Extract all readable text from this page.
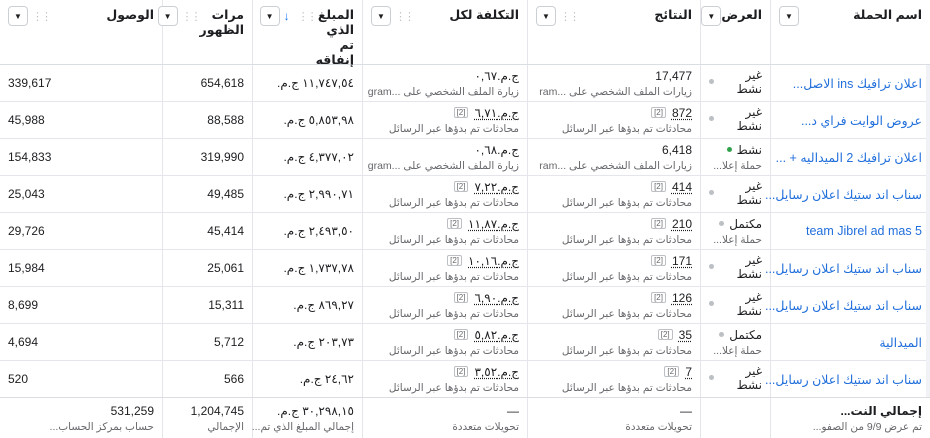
اسم الحملة
▼
العرض
▼
النتائج
▼ ⋮⋮
التكلفة لكل
▼ ⋮⋮
المبلغ
الذي تم
إنفاقه
▼ ↓ ⋮⋮
مرات
الظهور
▼ ⋮⋮
الوصول
▼ ⋮⋮
اعلان ترافيك ins الاصل...
غير نشط
17,477
زيارات الملف الشخصي على ...ram
ج.م.٠,٦٧
زيارة الملف الشخصي على ...gram
١١,٧٤٧,٥٤ ج.م.
654,618
339,617
عروض الوايت فراي د...
غير نشط
[2] 872
محادثات تم بدؤها عبر الرسائل
[2] ج.م.٦,٧١
محادثات تم بدؤها عبر الرسائل
٥,٨٥٣,٩٨ ج.م.
88,588
45,988
اعلان ترافيك 2 الميداليه + ...
نشط
حملة إعلا...
6,418
زيارات الملف الشخصي على ...ram
ج.م.٠,٦٨
زيارة الملف الشخصي على ...gram
٤,٣٧٧,٠٢ ج.م.
319,990
154,833
سناب اند ستيك اعلان رسايل...
غير نشط
[2] 414
محادثات تم بدؤها عبر الرسائل
[2] ج.م.٧,٢٢
محادثات تم بدؤها عبر الرسائل
٢,٩٩٠,٧١ ج.م.
49,485
25,043
team Jibrel ad mas 5
مكتمل
حملة إعلا...
[2] 210
محادثات تم بدؤها عبر الرسائل
[2] ج.م.١١,٨٧
محادثات تم بدؤها عبر الرسائل
٢,٤٩٣,٥٠ ج.م.
45,414
29,726
سناب اند ستيك اعلان رسايل...
غير نشط
[2] 171
محادثات تم بدؤها عبر الرسائل
[2] ج.م.١٠,١٦
محادثات تم بدؤها عبر الرسائل
١,٧٣٧,٧٨ ج.م.
25,061
15,984
سناب اند ستيك اعلان رسايل...
غير نشط
[2] 126
محادثات تم بدؤها عبر الرسائل
[2] ج.م.٦,٩٠
محادثات تم بدؤها عبر الرسائل
٨٦٩,٢٧ ج.م.
15,311
8,699
الميدالية
مكتمل
حملة إعلا...
[2] 35
محادثات تم بدؤها عبر الرسائل
[2] ج.م.٥,٨٢
محادثات تم بدؤها عبر الرسائل
٢٠٣,٧٣ ج.م.
5,712
4,694
سناب اند ستيك اعلان رسايل...
غير نشط
[2] 7
محادثات تم بدؤها عبر الرسائل
[2] ج.م.٣,٥٢
محادثات تم بدؤها عبر الرسائل
٢٤,٦٢ ج.م.
566
520
إجمالي النت...
تم عرض 9/9 من الصفو...
—
تحويلات متعددة
—
تحويلات متعددة
٣٠,٢٩٨,١٥ ج.م.
إجمالي المبلغ الذي تم...
1,204,745
الإجمالي
531,259
حساب بمركز الحساب...
